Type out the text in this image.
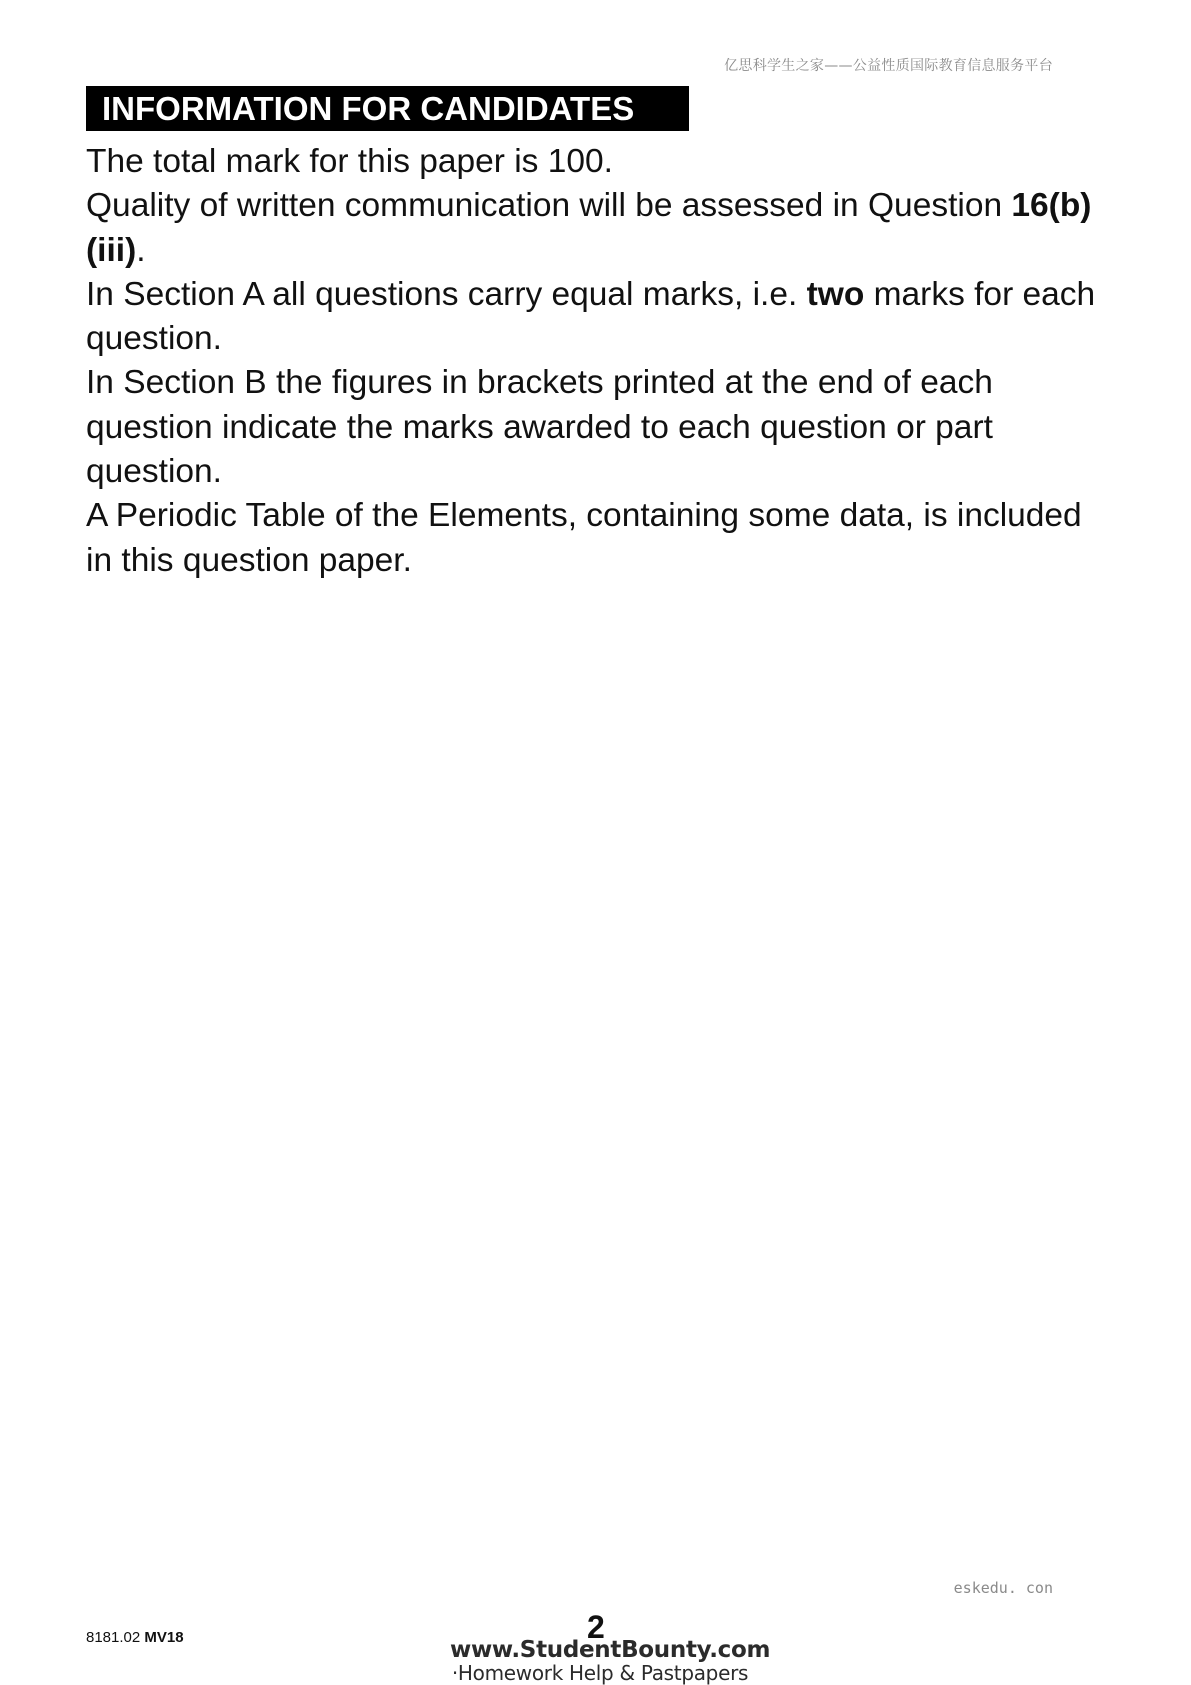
亿思科学生之家——公益性质国际教育信息服务平台
INFORMATION FOR CANDIDATES

The total mark for this paper is 100.

Quality of written communication will be assessed in Question 16(b)(iii).

In Section A all questions carry equal marks, i.e. two marks for each question.

In Section B the figures in brackets printed at the end of each question indicate the marks awarded to each question or part question.

A Periodic Table of the Elements, containing some data, is included in this question paper.

eskedu. con
8181.02 MV18	2
www.StudentBounty.com
·Homework Help & Pastpapers
